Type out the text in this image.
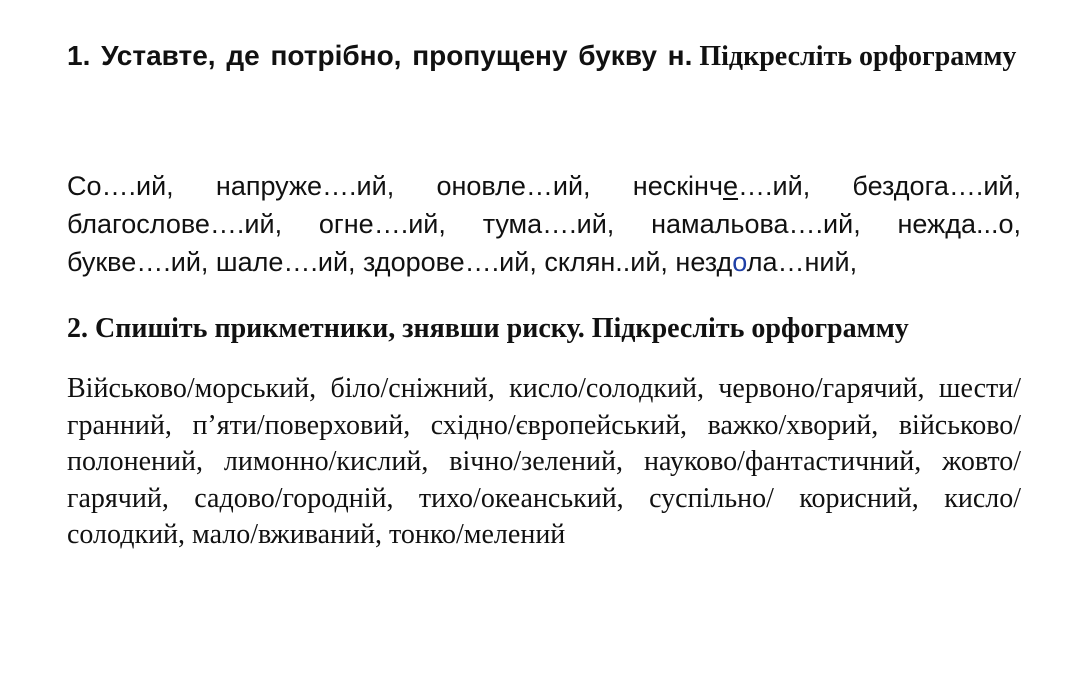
1. Уставте, де потрібно, пропущену букву н. Підкресліть орфограмму

Со….ий, напруже….ий, оновле…ий, нескінче….ий, бездога….ий, благослове….ий, огне….ий, тума….ий, намальова….ий, нежда...о, букве….ий, шале….ий, здорове….ий, склян..ий, нездола…ний,

2. Спишіть прикметники, знявши риску. Підкресліть орфограмму

Військово/морський, біло/сніжний, кисло/солодкий, червоно/гарячий, шести/гранний, п’яти/поверховий, східно/європейський, важко/хворий, військово/полонений, лимонно/кислий, вічно/зелений, науково/фантастичний, жовто/гарячий, садово/городній, тихо/океанський, суспільно/ корисний, кисло/солодкий, мало/вживаний, тонко/мелений
